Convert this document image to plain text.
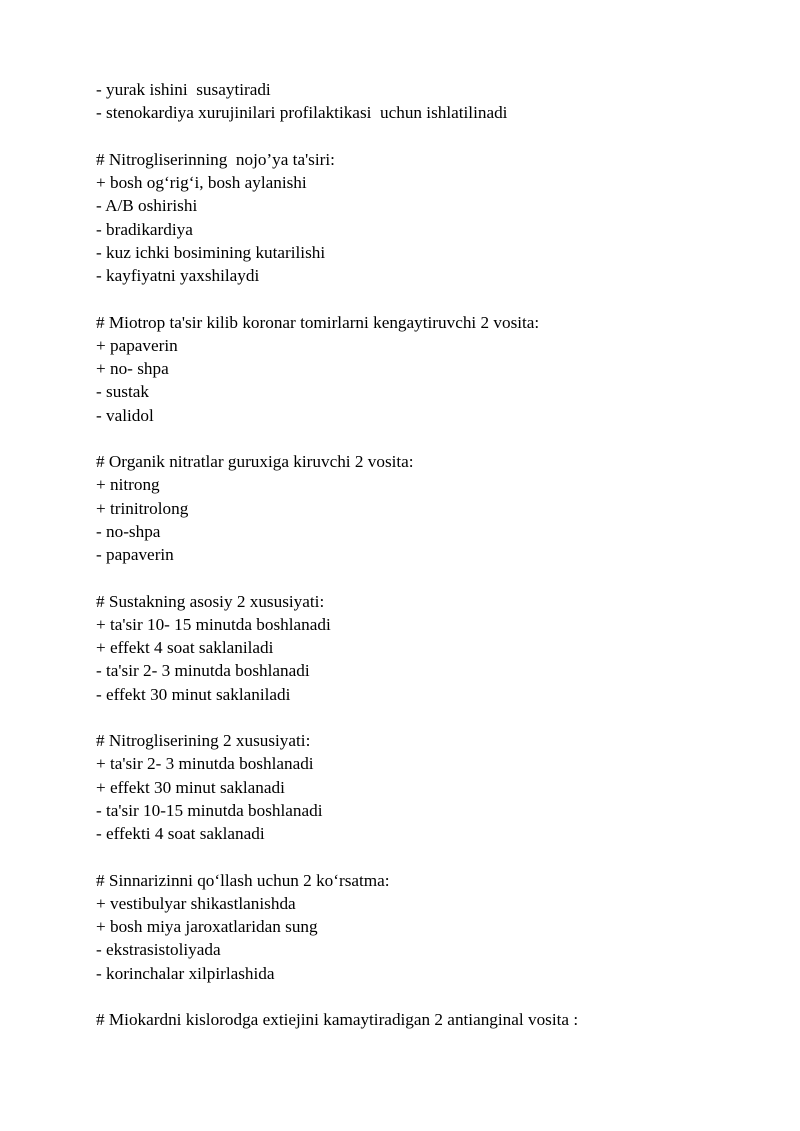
- yurak ishini  susaytiradi
- stenokardiya xurujinilari profilaktikasi  uchun ishlatilinadi
# Nitrogliserinning  nojo’ya ta'siri:
+ bosh og‘rig‘i, bosh aylanishi
- A/B oshirishi
- bradikardiya
- kuz ichki bosimining kutarilishi
- kayfiyatni yaxshilaydi
# Miotrop ta'sir kilib koronar tomirlarni kengaytiruvchi 2 vosita:
+ papaverin
+ no- shpa
- sustak
- validol
# Organik nitratlar guruxiga kiruvchi 2 vosita:
+ nitrong
+ trinitrolong
- no-shpa
- papaverin
# Sustakning asosiy 2 xususiyati:
+ ta'sir 10- 15 minutda boshlanadi
+ effekt 4 soat saklaniladi
- ta'sir 2- 3 minutda boshlanadi
- effekt 30 minut saklaniladi
# Nitrogliserining 2 xususiyati:
+ ta'sir 2- 3 minutda boshlanadi
+ effekt 30 minut saklanadi
- ta'sir 10-15 minutda boshlanadi
- effekti 4 soat saklanadi
# Sinnarizinni qo‘llash uchun 2 ko‘rsatma:
+ vestibulyar shikastlanishda
+ bosh miya jaroxatlaridan sung
- ekstrasistoliyada
- korinchalar xilpirlashida
# Miokardni kislorodga extiejini kamaytiradigan 2 antianginal vosita :
